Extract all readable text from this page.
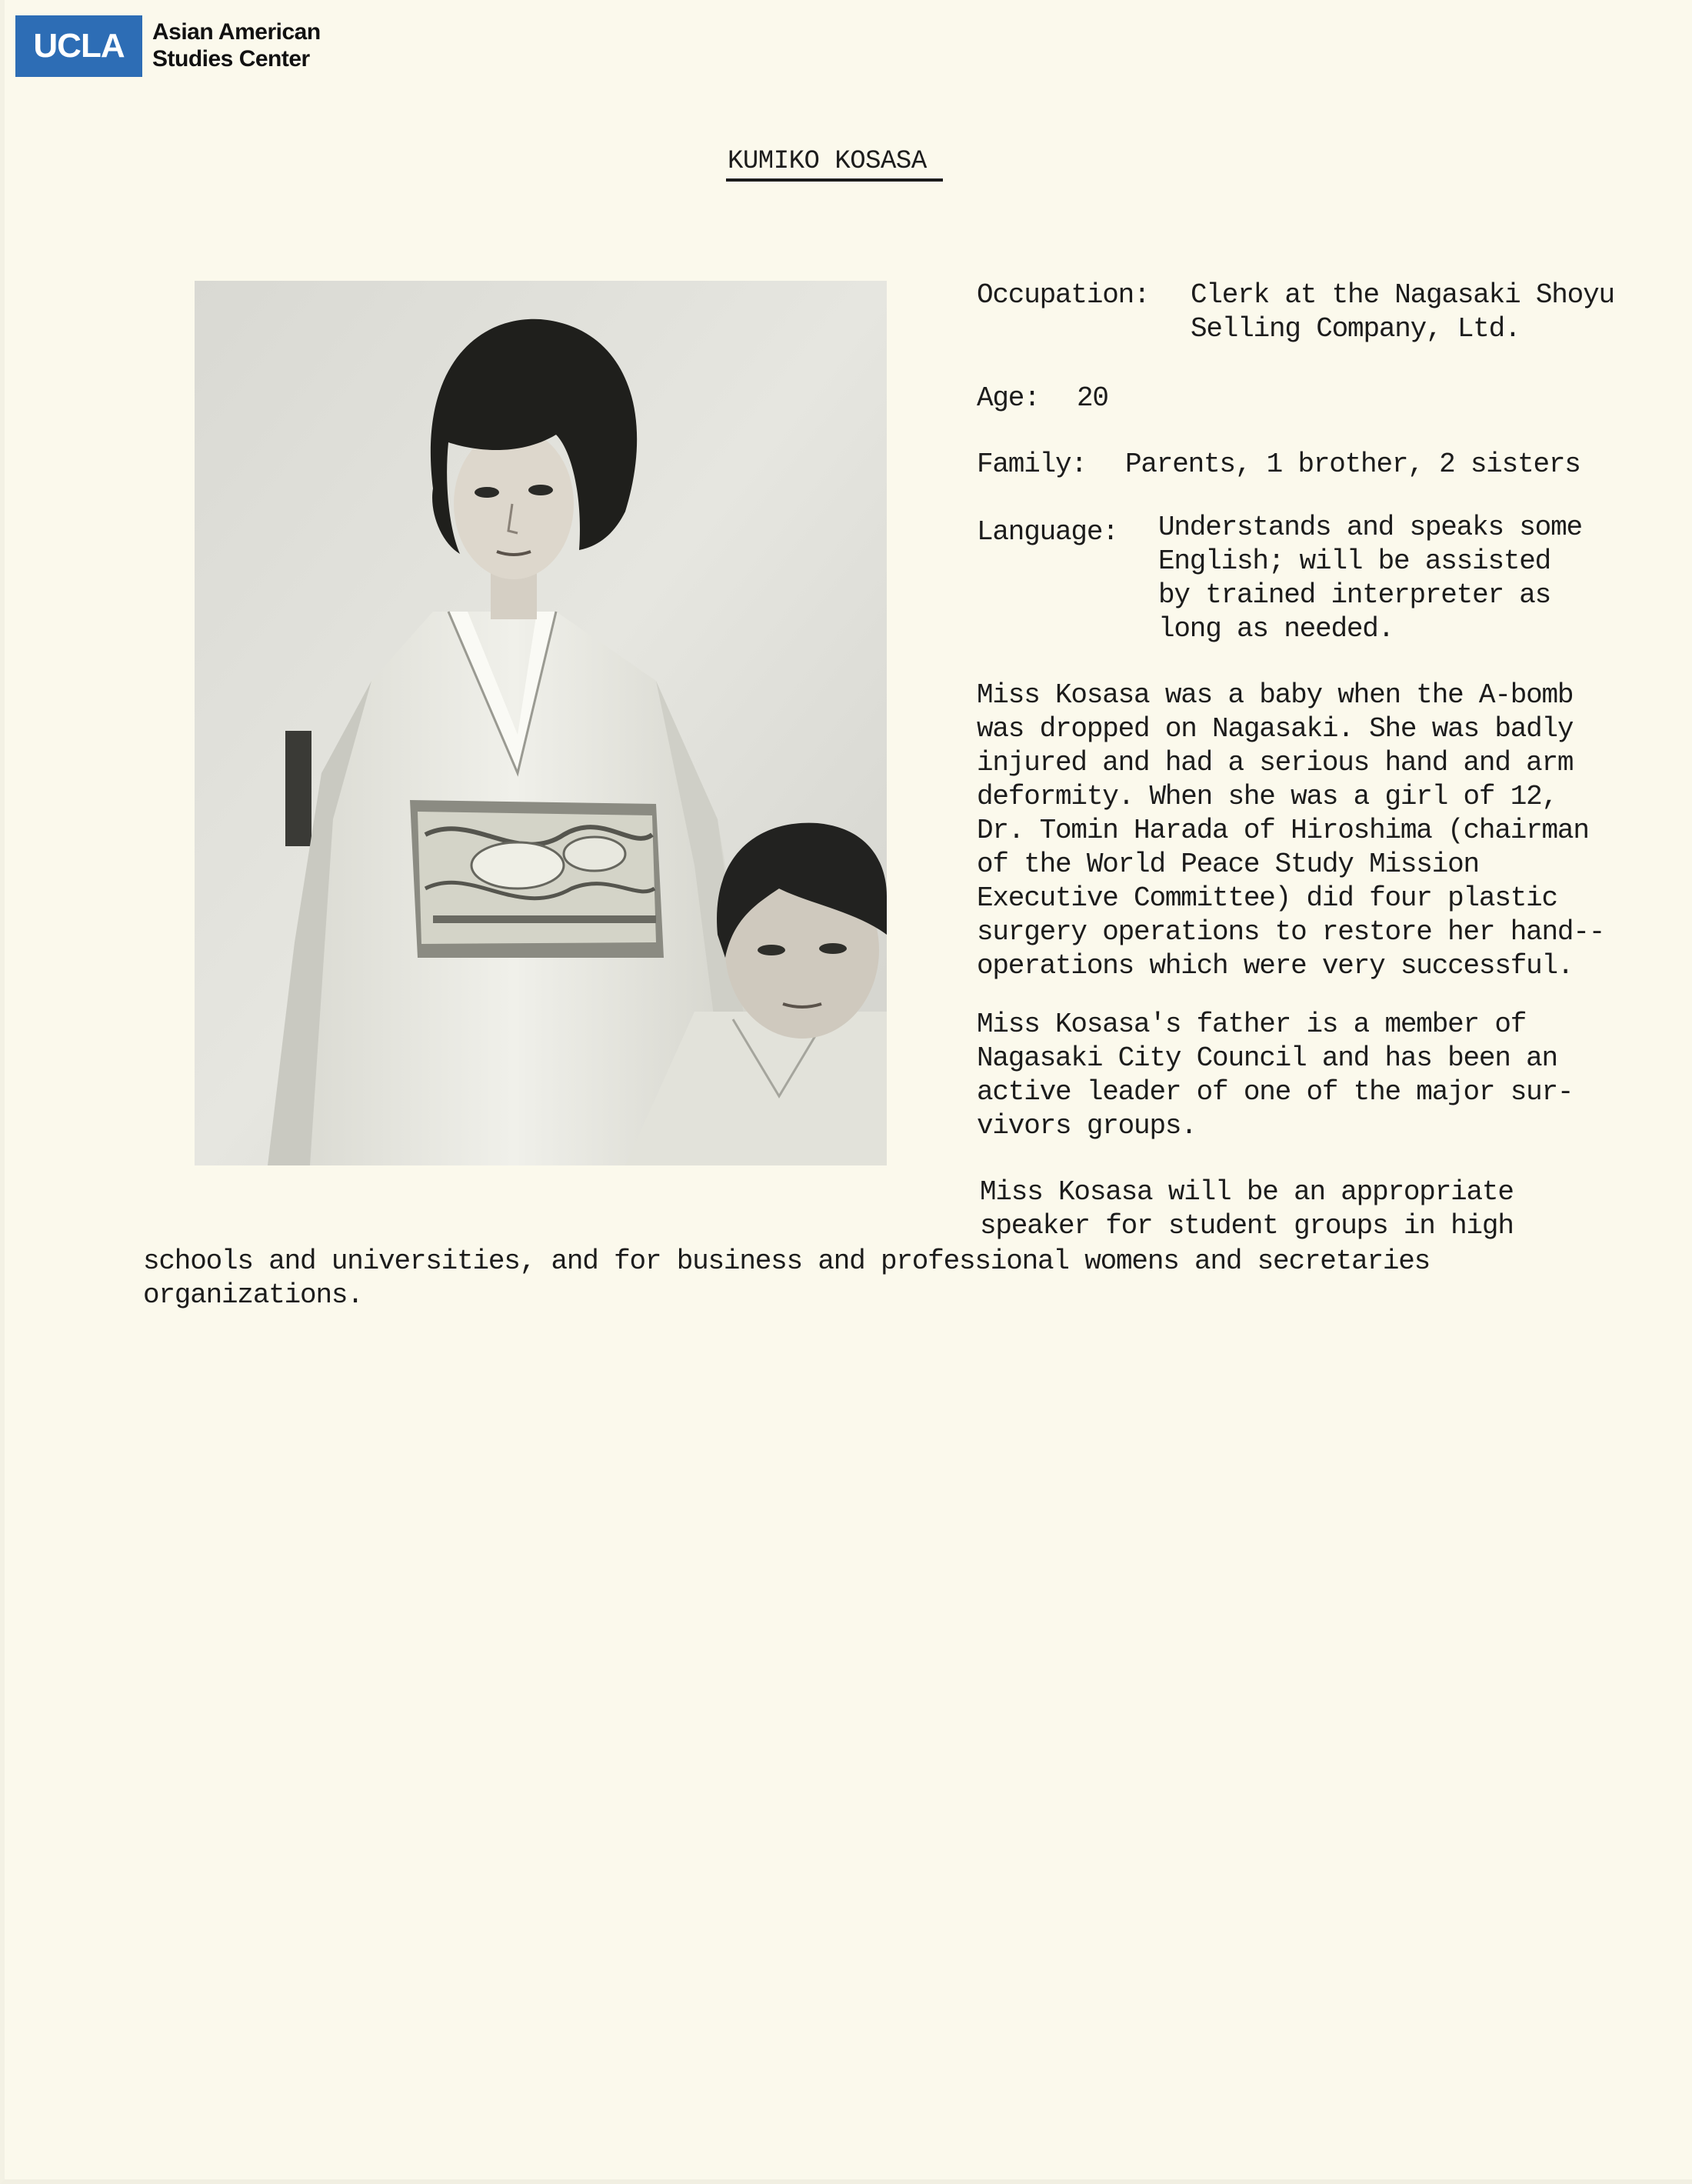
UCLA	Asian American
Studies Center
KUMIKO KOSASA
Occupation: Clerk at the Nagasaki Shoyu
Selling Company, Ltd.
Age: 20
Family: Parents, 1 brother, 2 sisters
Language: Understands and speaks some
English; will be assisted
by trained interpreter as
long as needed.
Miss Kosasa was a baby when the A-bomb
was dropped on Nagasaki. She was badly
injured and had a serious hand and arm
deformity. When she was a girl of 12,
Dr. Tomin Harada of Hiroshima (chairman
of the World Peace Study Mission
Executive Committee) did four plastic
surgery operations to restore her hand--
operations which were very successful.
Miss Kosasa's father is a member of
Nagasaki City Council and has been an
active leader of one of the major sur-
vivors groups.
Miss Kosasa will be an appropriate
speaker for student groups in high
schools and universities, and for business and professional womens and secretaries
organizations.
